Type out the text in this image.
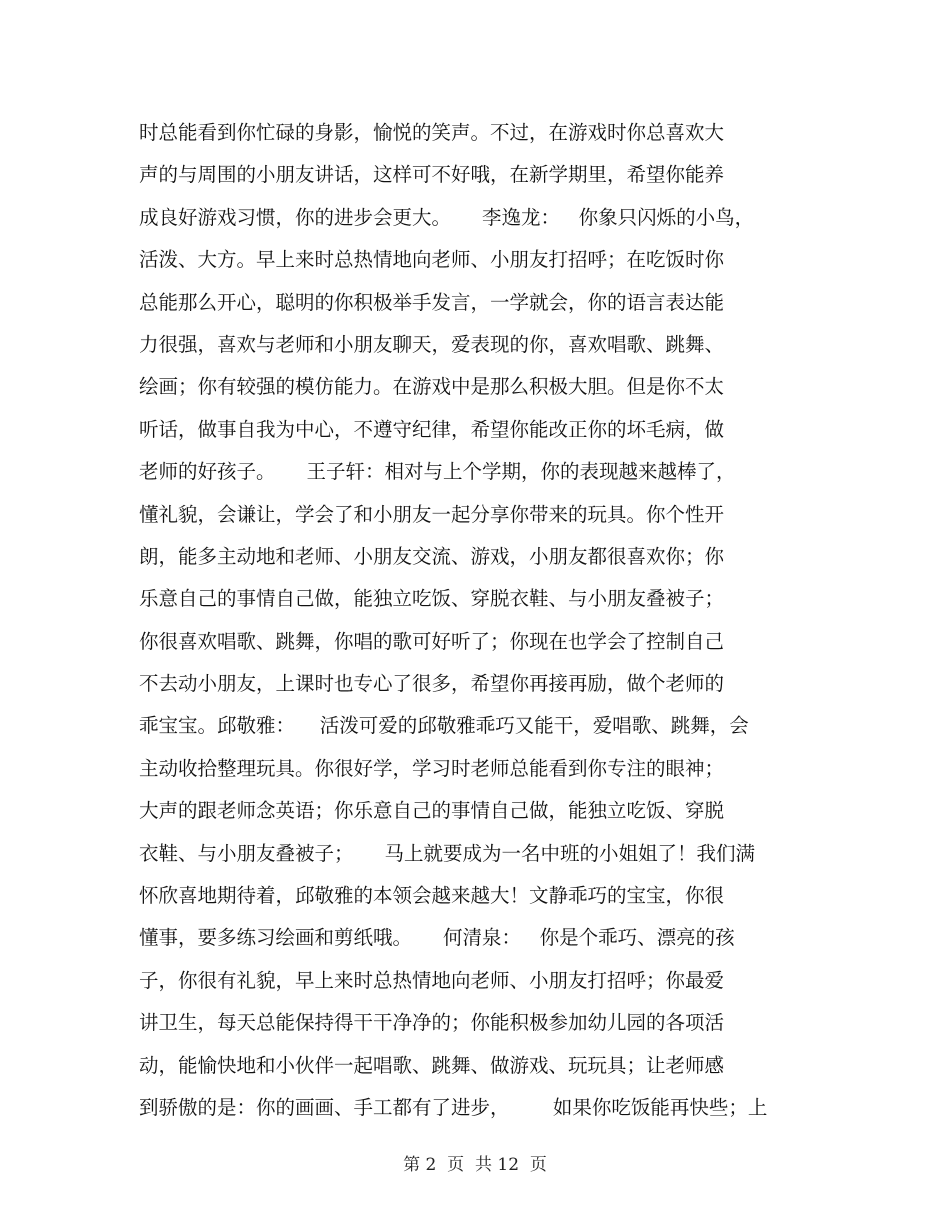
时总能看到你忙碌的身影，愉悦的笑声。不过，在游戏时你总喜欢大
声的与周围的小朋友讲话，这样可不好哦，在新学期里，希望你能养
成良好游戏习惯，你的进步会更大。     李逸龙：   你象只闪烁的小鸟，
活泼、大方。早上来时总热情地向老师、小朋友打招呼；在吃饭时你
总能那么开心，聪明的你积极举手发言，一学就会，你的语言表达能
力很强，喜欢与老师和小朋友聊天，爱表现的你，喜欢唱歌、跳舞、
绘画；你有较强的模仿能力。在游戏中是那么积极大胆。但是你不太
听话，做事自我为中心，不遵守纪律，希望你能改正你的坏毛病，做
老师的好孩子。     王子轩：相对与上个学期，你的表现越来越棒了，
懂礼貌，会谦让，学会了和小朋友一起分享你带来的玩具。你个性开
朗，能多主动地和老师、小朋友交流、游戏，小朋友都很喜欢你；你
乐意自己的事情自己做，能独立吃饭、穿脱衣鞋、与小朋友叠被子；
你很喜欢唱歌、跳舞，你唱的歌可好听了；你现在也学会了控制自己
不去动小朋友，上课时也专心了很多，希望你再接再励，做个老师的
乖宝宝。邱敬雅：    活泼可爱的邱敬雅乖巧又能干，爱唱歌、跳舞，会
主动收拾整理玩具。你很好学，学习时老师总能看到你专注的眼神；
大声的跟老师念英语；你乐意自己的事情自己做，能独立吃饭、穿脱
衣鞋、与小朋友叠被子；     马上就要成为一名中班的小姐姐了！我们满
怀欣喜地期待着，邱敬雅的本领会越来越大！文静乖巧的宝宝，你很
懂事，要多练习绘画和剪纸哦。     何清泉：   你是个乖巧、漂亮的孩
子，你很有礼貌，早上来时总热情地向老师、小朋友打招呼；你最爱
讲卫生，每天总能保持得干干净净的；你能积极参加幼儿园的各项活
动，能愉快地和小伙伴一起唱歌、跳舞、做游戏、玩玩具；让老师感
到骄傲的是：你的画画、手工都有了进步，       如果你吃饭能再快些；上
第 2  页  共 12  页
